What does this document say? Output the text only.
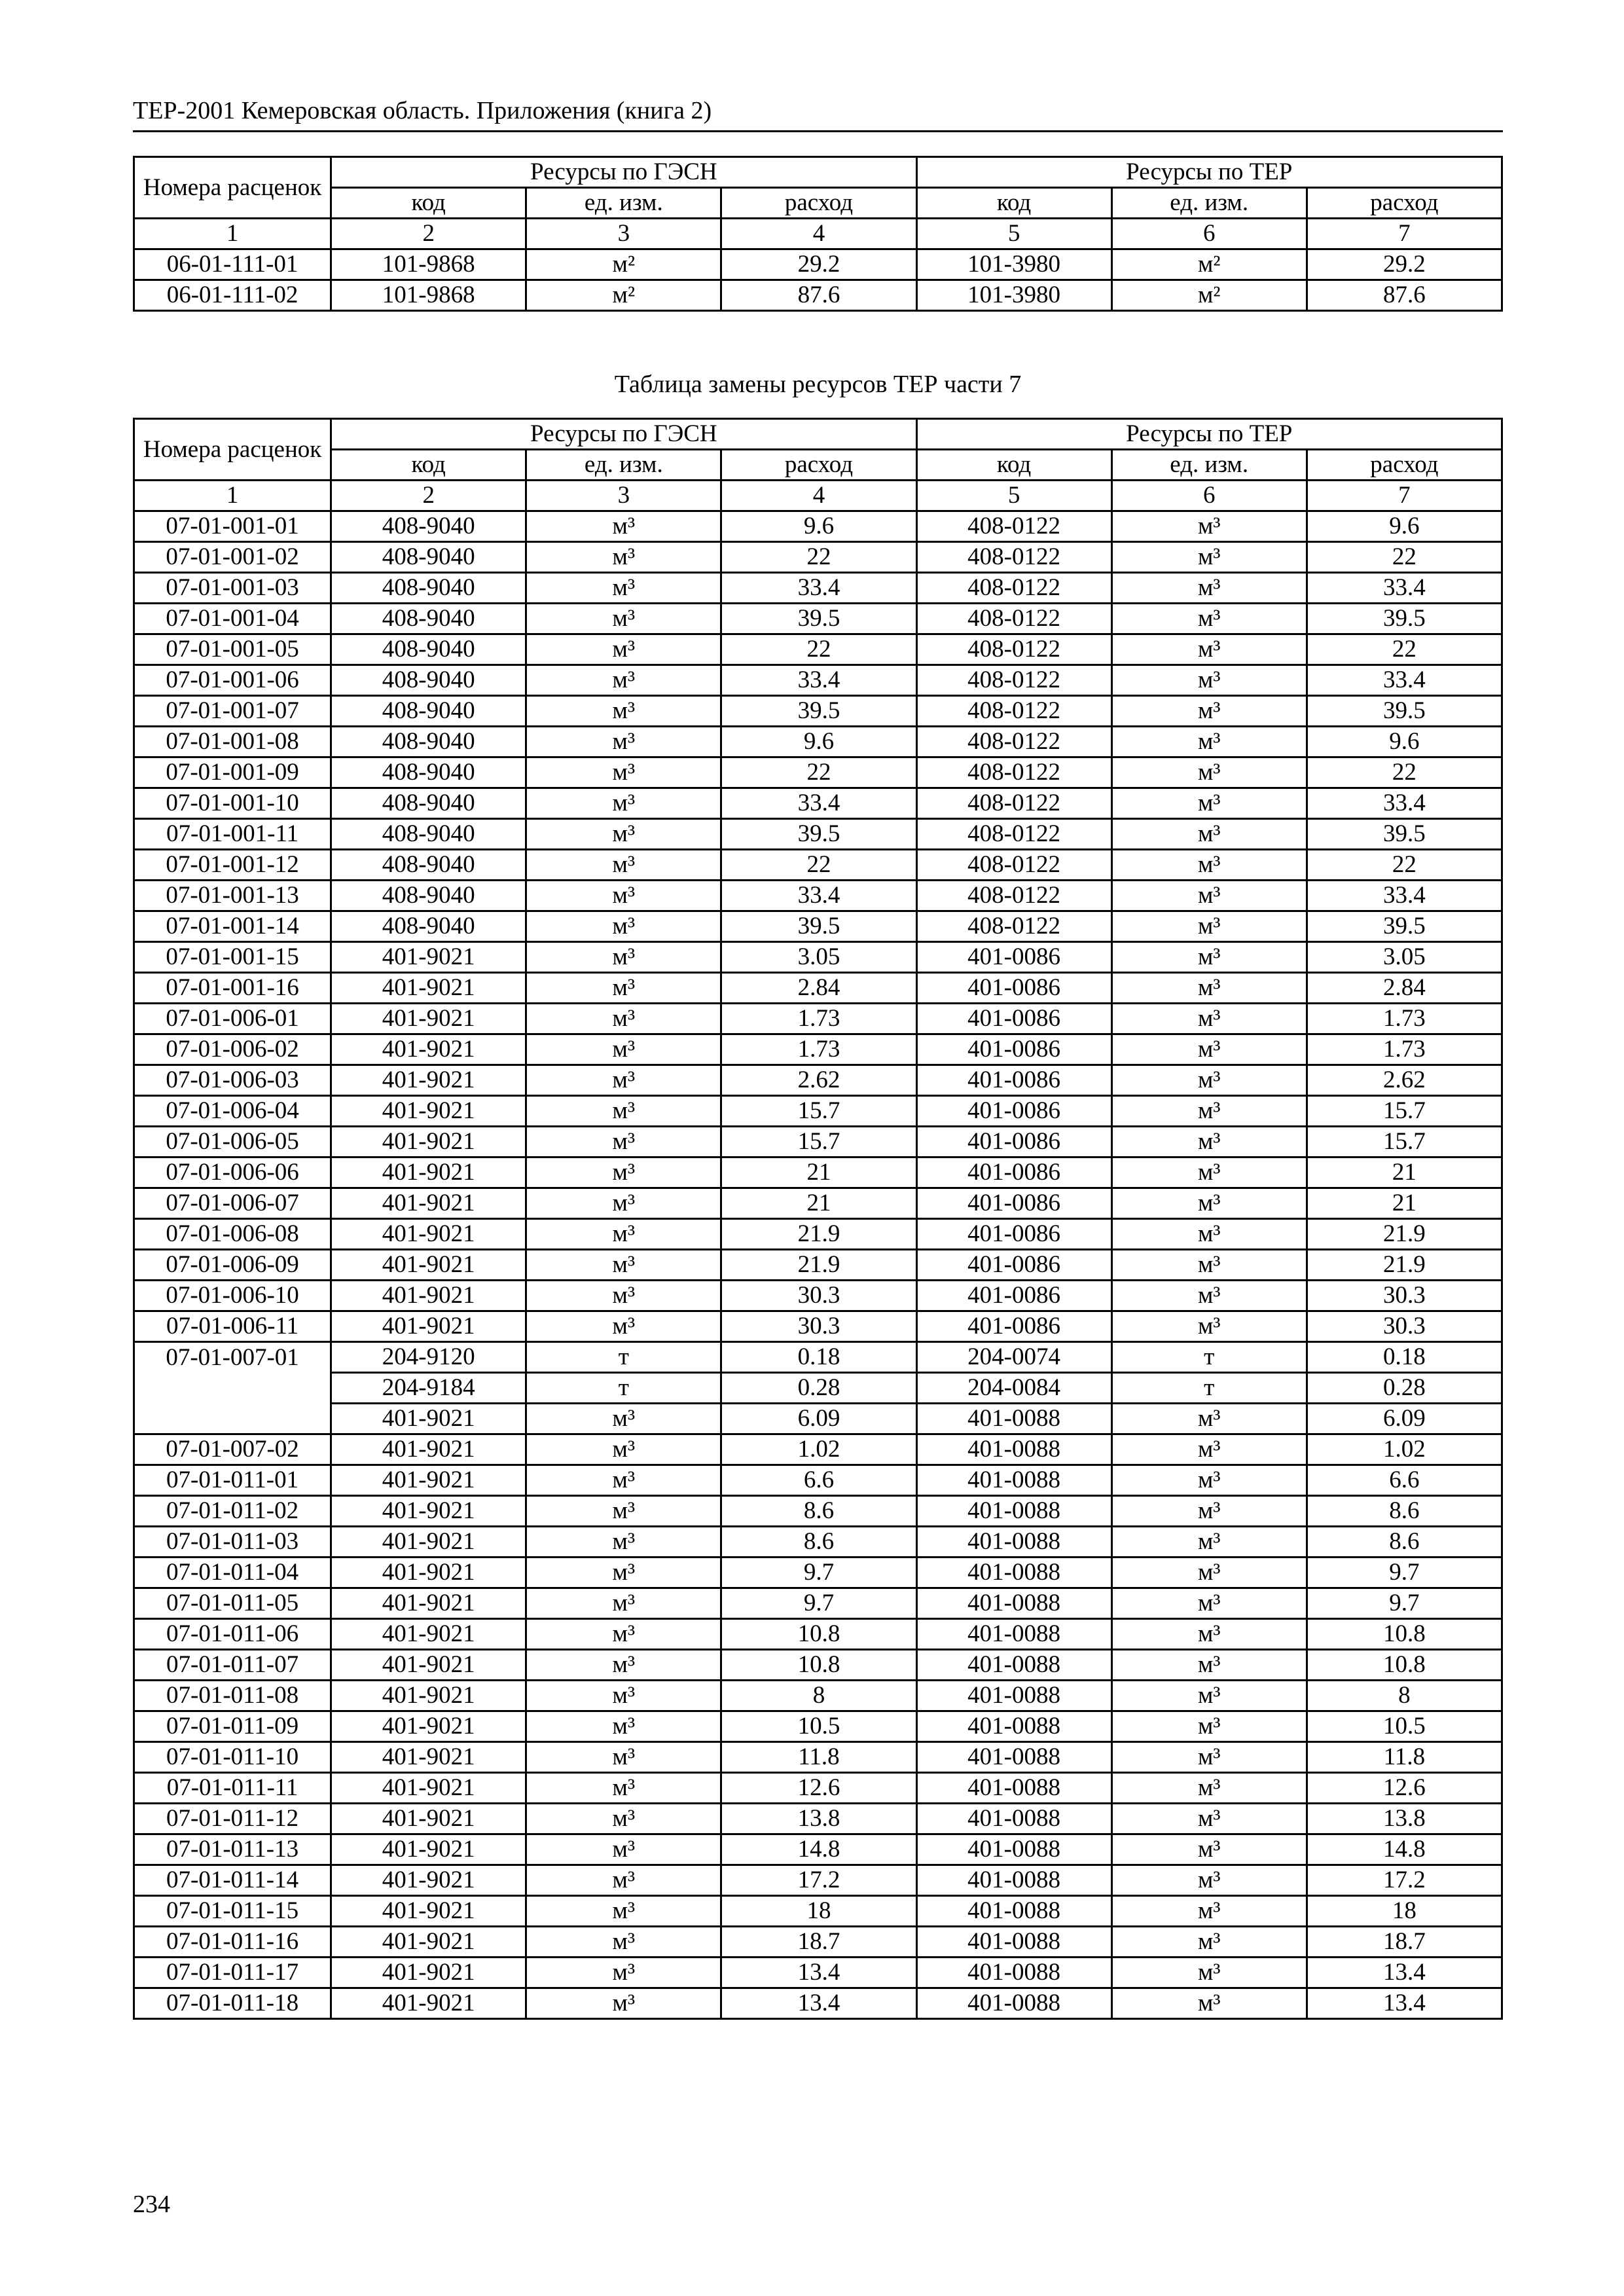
ТЕР-2001 Кемеровская область. Приложения (книга 2)
Номера расценок	Ресурсы по ГЭСН			Ресурсы по ТЕР		
	код	ед. изм.	расход	код	ед. изм.	расход
1	2	3	4	5	6	7
06-01-111-01	101-9868	м²	29.2	101-3980	м²	29.2
06-01-111-02	101-9868	м²	87.6	101-3980	м²	87.6
Таблица замены ресурсов ТЕР части 7
Номера расценок	Ресурсы по ГЭСН			Ресурсы по ТЕР		
	код	ед. изм.	расход	код	ед. изм.	расход
1	2	3	4	5	6	7
07-01-001-01	408-9040	м³	9.6	408-0122	м³	9.6
07-01-001-02	408-9040	м³	22	408-0122	м³	22
07-01-001-03	408-9040	м³	33.4	408-0122	м³	33.4
07-01-001-04	408-9040	м³	39.5	408-0122	м³	39.5
07-01-001-05	408-9040	м³	22	408-0122	м³	22
07-01-001-06	408-9040	м³	33.4	408-0122	м³	33.4
07-01-001-07	408-9040	м³	39.5	408-0122	м³	39.5
07-01-001-08	408-9040	м³	9.6	408-0122	м³	9.6
07-01-001-09	408-9040	м³	22	408-0122	м³	22
07-01-001-10	408-9040	м³	33.4	408-0122	м³	33.4
07-01-001-11	408-9040	м³	39.5	408-0122	м³	39.5
07-01-001-12	408-9040	м³	22	408-0122	м³	22
07-01-001-13	408-9040	м³	33.4	408-0122	м³	33.4
07-01-001-14	408-9040	м³	39.5	408-0122	м³	39.5
07-01-001-15	401-9021	м³	3.05	401-0086	м³	3.05
07-01-001-16	401-9021	м³	2.84	401-0086	м³	2.84
07-01-006-01	401-9021	м³	1.73	401-0086	м³	1.73
07-01-006-02	401-9021	м³	1.73	401-0086	м³	1.73
07-01-006-03	401-9021	м³	2.62	401-0086	м³	2.62
07-01-006-04	401-9021	м³	15.7	401-0086	м³	15.7
07-01-006-05	401-9021	м³	15.7	401-0086	м³	15.7
07-01-006-06	401-9021	м³	21	401-0086	м³	21
07-01-006-07	401-9021	м³	21	401-0086	м³	21
07-01-006-08	401-9021	м³	21.9	401-0086	м³	21.9
07-01-006-09	401-9021	м³	21.9	401-0086	м³	21.9
07-01-006-10	401-9021	м³	30.3	401-0086	м³	30.3
07-01-006-11	401-9021	м³	30.3	401-0086	м³	30.3
07-01-007-01	204-9120	т	0.18	204-0074	т	0.18
	204-9184	т	0.28	204-0084	т	0.28
	401-9021	м³	6.09	401-0088	м³	6.09
07-01-007-02	401-9021	м³	1.02	401-0088	м³	1.02
07-01-011-01	401-9021	м³	6.6	401-0088	м³	6.6
07-01-011-02	401-9021	м³	8.6	401-0088	м³	8.6
07-01-011-03	401-9021	м³	8.6	401-0088	м³	8.6
07-01-011-04	401-9021	м³	9.7	401-0088	м³	9.7
07-01-011-05	401-9021	м³	9.7	401-0088	м³	9.7
07-01-011-06	401-9021	м³	10.8	401-0088	м³	10.8
07-01-011-07	401-9021	м³	10.8	401-0088	м³	10.8
07-01-011-08	401-9021	м³	8	401-0088	м³	8
07-01-011-09	401-9021	м³	10.5	401-0088	м³	10.5
07-01-011-10	401-9021	м³	11.8	401-0088	м³	11.8
07-01-011-11	401-9021	м³	12.6	401-0088	м³	12.6
07-01-011-12	401-9021	м³	13.8	401-0088	м³	13.8
07-01-011-13	401-9021	м³	14.8	401-0088	м³	14.8
07-01-011-14	401-9021	м³	17.2	401-0088	м³	17.2
07-01-011-15	401-9021	м³	18	401-0088	м³	18
07-01-011-16	401-9021	м³	18.7	401-0088	м³	18.7
07-01-011-17	401-9021	м³	13.4	401-0088	м³	13.4
07-01-011-18	401-9021	м³	13.4	401-0088	м³	13.4
234
